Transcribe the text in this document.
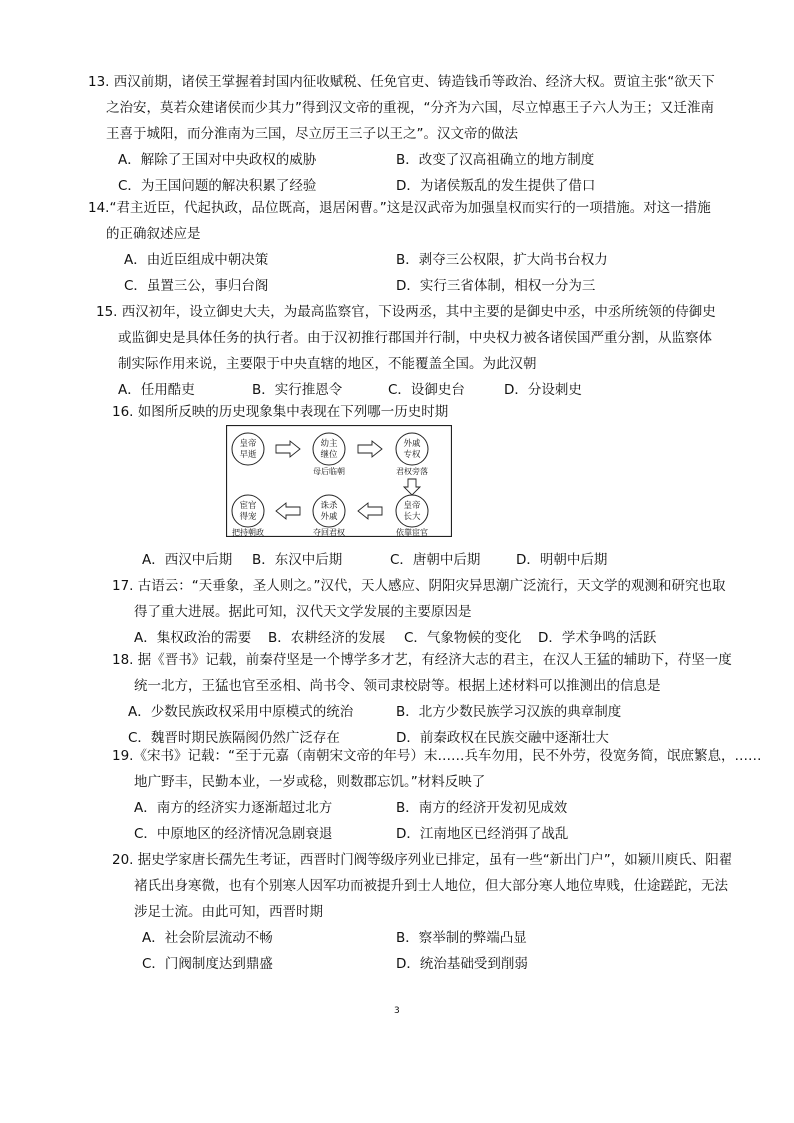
13. 西汉前期，诸侯王掌握着封国内征收赋税、任免官吏、铸造钱币等政治、经济大权。贾谊主张“欲天下
之治安，莫若众建诸侯而少其力”得到汉文帝的重视，“分齐为六国，尽立悼惠王子六人为王；又迁淮南
王喜于城阳，而分淮南为三国，尽立厉王三子以王之”。汉文帝的做法
A．解除了王国对中央政权的威胁	B．改变了汉高祖确立的地方制度
C．为王国问题的解决积累了经验	D．为诸侯叛乱的发生提供了借口
14.“君主近臣，代起执政，品位既高，退居闲曹。”这是汉武帝为加强皇权而实行的一项措施。对这一措施
的正确叙述应是
A．由近臣组成中朝决策	B．剥夺三公权限，扩大尚书台权力
C．虽置三公，事归台阁	D．实行三省体制，相权一分为三
15. 西汉初年，设立御史大夫，为最高监察官，下设两丞，其中主要的是御史中丞，中丞所统领的侍御史
或监御史是具体任务的执行者。由于汉初推行郡国并行制，中央权力被各诸侯国严重分割，从监察体
制实际作用来说，主要限于中央直辖的地区，不能覆盖全国。为此汉朝
A．任用酷吏	B．实行推恩令	C．设御史台	D．分设刺史
16. 如图所反映的历史现象集中表现在下列哪一历史时期
皇帝
早逝
幼主
继位
母后临朝
外戚
专权
君权旁落
皇帝
长大
依靠宦官
诛杀
外戚
夺回君权
宦官
得宠
把持朝政
A．西汉中后期	B．东汉中后期	C．唐朝中后期	D．明朝中后期
17. 古语云：“天垂象，圣人则之。”汉代，天人感应、阴阳灾异思潮广泛流行，天文学的观测和研究也取
得了重大进展。据此可知，汉代天文学发展的主要原因是
A．集权政治的需要	B．农耕经济的发展	C．气象物候的变化	D．学术争鸣的活跃
18. 据《晋书》记载，前秦苻坚是一个博学多才艺，有经济大志的君主，在汉人王猛的辅助下，苻坚一度
统一北方，王猛也官至丞相、尚书令、领司隶校尉等。根据上述材料可以推测出的信息是
A．少数民族政权采用中原模式的统治	B．北方少数民族学习汉族的典章制度
C．魏晋时期民族隔阂仍然广泛存在	D．前秦政权在民族交融中逐渐壮大
19.《宋书》记载：“至于元嘉（南朝宋文帝的年号）末……兵车勿用，民不外劳，役宽务简，氓庶繁息，……
地广野丰，民勤本业，一岁或稔，则数郡忘饥。”材料反映了
A．南方的经济实力逐渐超过北方	B．南方的经济开发初见成效
C．中原地区的经济情况急剧衰退	D．江南地区已经消弭了战乱
20. 据史学家唐长孺先生考证，西晋时门阀等级序列业已排定，虽有一些“新出门户”，如颍川庾氏、阳翟
褚氏出身寒微，也有个别寒人因军功而被提升到士人地位，但大部分寒人地位卑贱，仕途蹉跎，无法
涉足士流。由此可知，西晋时期
A．社会阶层流动不畅	B．察举制的弊端凸显
C．门阀制度达到鼎盛	D．统治基础受到削弱
3
